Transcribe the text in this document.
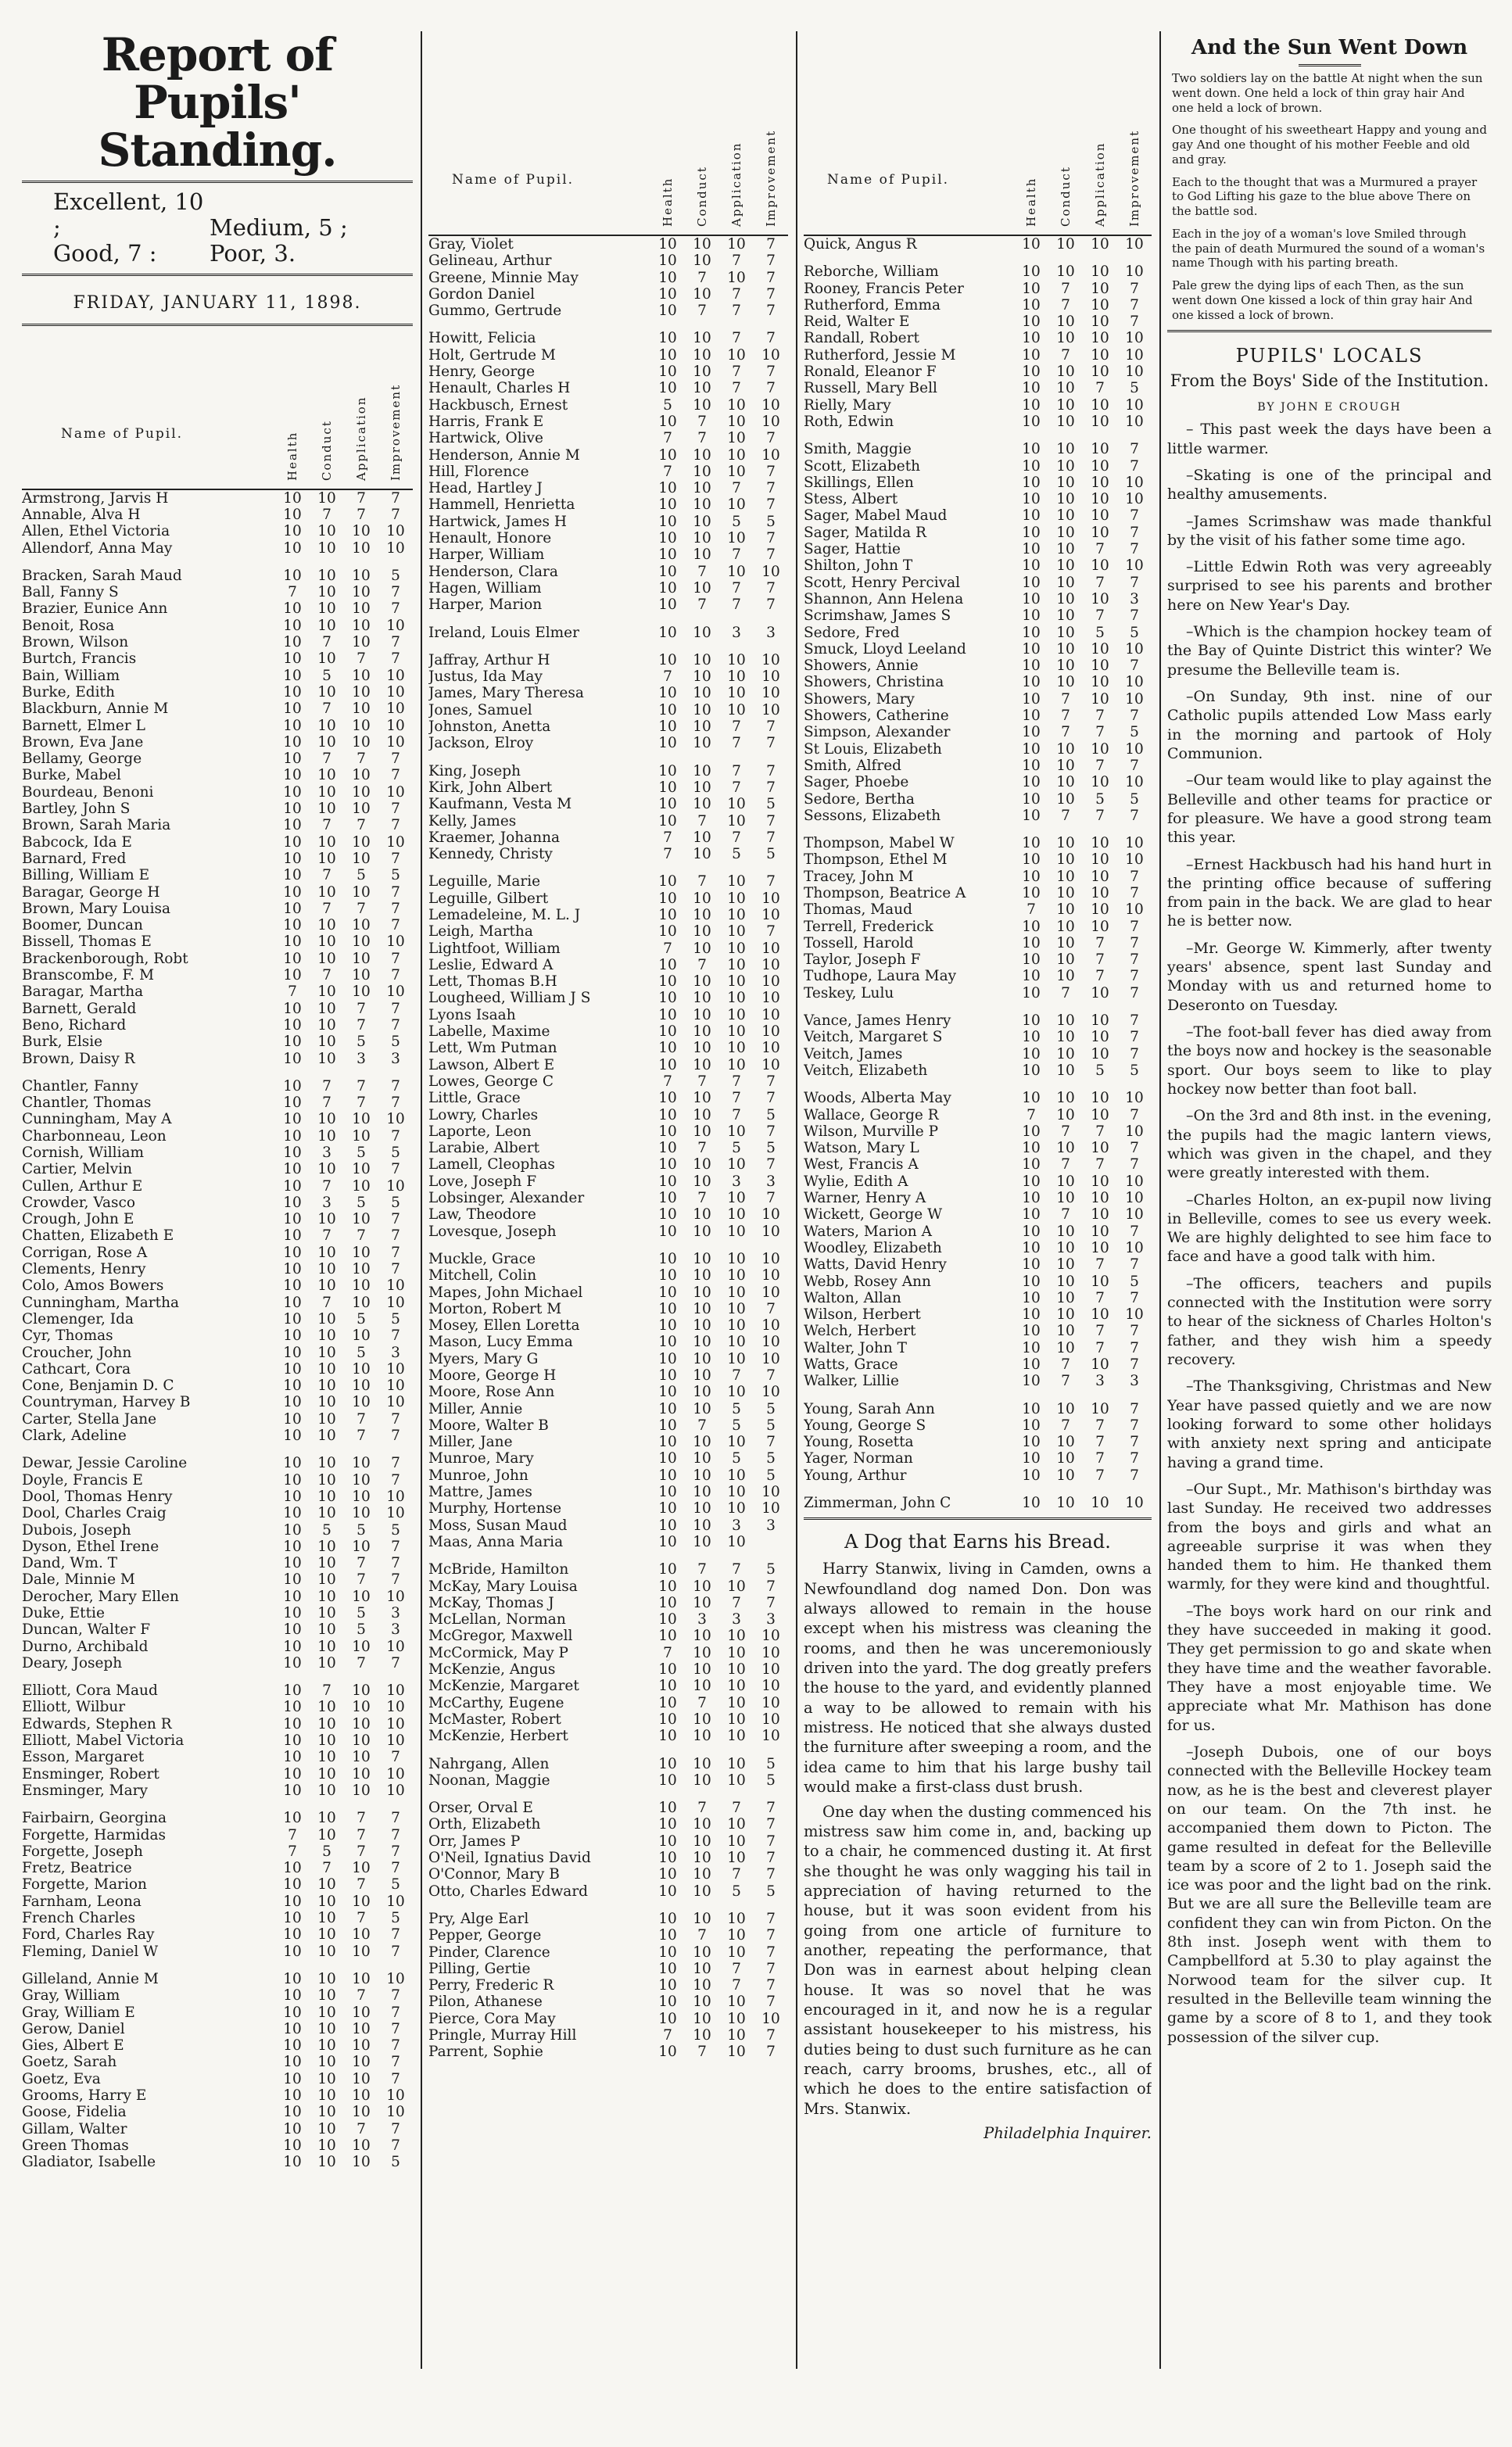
Report of Pupils' Standing.
Excellent, 10 ;	Medium, 5 ;
Good, 7 : Poor, 3.
FRIDAY, JANUARY 11, 1898.
Name of Pupil.	Health Conduct Application Improvement
Armstrong, Jarvis H	10	10	7	7
Annable, Alva H	10	7	7	7
Allen, Ethel Victoria	10	10	10	10
Allendorf, Anna May	10	10	10	10
Bracken, Sarah Maud	10	10	10	5
Ball, Fanny S	7	10	10	7
Brazier, Eunice Ann	10	10	10	7
Benoit, Rosa	10	10	10	10
Brown, Wilson	10	7	10	7
Burtch, Francis	10	10	7	7
Bain, William	10	5	10	10
Burke, Edith	10	10	10	10
Blackburn, Annie M	10	7	10	10
Barnett, Elmer L	10	10	10	10
Brown, Eva Jane	10	10	10	10
Bellamy, George	10	7	7	7
Burke, Mabel	10	10	10	7
Bourdeau, Benoni	10	10	10	10
Bartley, John S	10	10	10	7
Brown, Sarah Maria	10	7	7	7
Babcock, Ida E	10	10	10	10
Barnard, Fred	10	10	10	7
Billing, William E	10	7	5	5
Baragar, George H	10	10	10	7
Brown, Mary Louisa	10	7	7	7
Boomer, Duncan	10	10	10	7
Bissell, Thomas E	10	10	10	10
Brackenborough, Robt	10	10	10	7
Branscombe, F. M	10	7	10	7
Baragar, Martha	7	10	10	10
Barnett, Gerald	10	10	7	7
Beno, Richard	10	10	7	7
Burk, Elsie	10	10	5	5
Brown, Daisy R	10	10	3	3
Chantler, Fanny	10	7	7	7
Chantler, Thomas	10	7	7	7
Cunningham, May A	10	10	10	10
Charbonneau, Leon	10	10	10	7
Cornish, William	10	3	5	5
Cartier, Melvin	10	10	10	7
Cullen, Arthur E	10	7	10	10
Crowder, Vasco	10	3	5	5
Crough, John E	10	10	10	7
Chatten, Elizabeth E	10	7	7	7
Corrigan, Rose A	10	10	10	7
Clements, Henry	10	10	10	7
Colo, Amos Bowers	10	10	10	10
Cunningham, Martha	10	7	10	10
Clemenger, Ida	10	10	5	5
Cyr, Thomas	10	10	10	7
Croucher, John	10	10	5	3
Cathcart, Cora	10	10	10	10
Cone, Benjamin D. C	10	10	10	10
Countryman, Harvey B	10	10	10	10
Carter, Stella Jane	10	10	7	7
Clark, Adeline	10	10	7	7
Dewar, Jessie Caroline	10	10	10	7
Doyle, Francis E	10	10	10	7
Dool, Thomas Henry	10	10	10	10
Dool, Charles Craig	10	10	10	10
Dubois, Joseph	10	5	5	5
Dyson, Ethel Irene	10	10	10	7
Dand, Wm. T	10	10	7	7
Dale, Minnie M	10	10	7	7
Derocher, Mary Ellen	10	10	10	10
Duke, Ettie	10	10	5	3
Duncan, Walter F	10	10	5	3
Durno, Archibald	10	10	10	10
Deary, Joseph	10	10	7	7
Elliott, Cora Maud	10	7	10	10
Elliott, Wilbur	10	10	10	10
Edwards, Stephen R	10	10	10	10
Elliott, Mabel Victoria	10	10	10	10
Esson, Margaret	10	10	10	7
Ensminger, Robert	10	10	10	10
Ensminger, Mary	10	10	10	10
Fairbairn, Georgina	10	10	7	7
Forgette, Harmidas	7	10	7	7
Forgette, Joseph	7	5	7	7
Fretz, Beatrice	10	7	10	7
Forgette, Marion	10	10	7	5
Farnham, Leona	10	10	10	10
French Charles	10	10	7	5
Ford, Charles Ray	10	10	10	7
Fleming, Daniel W	10	10	10	7
Gilleland, Annie M	10	10	10	10
Gray, William	10	10	7	7
Gray, William E	10	10	10	7
Gerow, Daniel	10	10	10	7
Gies, Albert E	10	10	10	7
Goetz, Sarah	10	10	10	7
Goetz, Eva	10	10	10	7
Grooms, Harry E	10	10	10	10
Goose, Fidelia	10	10	10	10
Gillam, Walter	10	10	7	7
Green Thomas	10	10	10	7
Gladiator, Isabelle	10	10	10	5
Name of Pupil.	Health Conduct Application Improvement
Gray, Violet	10	10	10	7
Gelineau, Arthur	10	10	7	7
Greene, Minnie May	10	7	10	7
Gordon Daniel	10	10	7	7
Gummo, Gertrude	10	7	7	7
Howitt, Felicia	10	10	7	7
Holt, Gertrude M	10	10	10	10
Henry, George	10	10	7	7
Henault, Charles H	10	10	7	7
Hackbusch, Ernest	5	10	10	10
Harris, Frank E	10	7	10	10
Hartwick, Olive	7	7	10	7
Henderson, Annie M	10	10	10	10
Hill, Florence	7	10	10	7
Head, Hartley J	10	10	7	7
Hammell, Henrietta	10	10	10	7
Hartwick, James H	10	10	5	5
Henault, Honore	10	10	10	7
Harper, William	10	10	7	7
Henderson, Clara	10	7	10	10
Hagen, William	10	10	7	7
Harper, Marion	10	7	7	7
Ireland, Louis Elmer	10	10	3	3
Jaffray, Arthur H	10	10	10	10
Justus, Ida May	7	10	10	10
James, Mary Theresa	10	10	10	10
Jones, Samuel	10	10	10	10
Johnston, Anetta	10	10	7	7
Jackson, Elroy	10	10	7	7
King, Joseph	10	10	7	7
Kirk, John Albert	10	10	7	7
Kaufmann, Vesta M	10	10	10	5
Kelly, James	10	7	10	7
Kraemer, Johanna	7	10	7	7
Kennedy, Christy	7	10	5	5
Leguille, Marie	10	7	10	7
Leguille, Gilbert	10	10	10	10
Lemadeleine, M. L. J	10	10	10	10
Leigh, Martha	10	10	10	7
Lightfoot, William	7	10	10	10
Leslie, Edward A	10	7	10	10
Lett, Thomas B.H	10	10	10	10
Lougheed, William J S	10	10	10	10
Lyons Isaah	10	10	10	10
Labelle, Maxime	10	10	10	10
Lett, Wm Putman	10	10	10	10
Lawson, Albert E	10	10	10	10
Lowes, George C	7	7	7	7
Little, Grace	10	10	7	7
Lowry, Charles	10	10	7	5
Laporte, Leon	10	10	10	7
Larabie, Albert	10	7	5	5
Lamell, Cleophas	10	10	10	7
Love, Joseph F	10	10	3	3
Lobsinger, Alexander	10	7	10	7
Law, Theodore	10	10	10	10
Lovesque, Joseph	10	10	10	10
Muckle, Grace	10	10	10	10
Mitchell, Colin	10	10	10	10
Mapes, John Michael	10	10	10	10
Morton, Robert M	10	10	10	7
Mosey, Ellen Loretta	10	10	10	10
Mason, Lucy Emma	10	10	10	10
Myers, Mary G	10	10	10	10
Moore, George H	10	10	7	7
Moore, Rose Ann	10	10	10	10
Miller, Annie	10	10	5	5
Moore, Walter B	10	7	5	5
Miller, Jane	10	10	10	7
Munroe, Mary	10	10	5	5
Munroe, John	10	10	10	5
Mattre, James	10	10	10	10
Murphy, Hortense	10	10	10	10
Moss, Susan Maud	10	10	3	3
Maas, Anna Maria	10	10	10
McBride, Hamilton	10	7	7	5
McKay, Mary Louisa	10	10	10	7
McKay, Thomas J	10	10	7	7
McLellan, Norman	10	3	3	3
McGregor, Maxwell	10	10	10	10
McCormick, May P	7	10	10	10
McKenzie, Angus	10	10	10	10
McKenzie, Margaret	10	10	10	10
McCarthy, Eugene	10	7	10	10
McMaster, Robert	10	10	10	10
McKenzie, Herbert	10	10	10	10
Nahrgang, Allen	10	10	10	5
Noonan, Maggie	10	10	10	5
Orser, Orval E	10	7	7	7
Orth, Elizabeth	10	10	10	7
Orr, James P	10	10	10	7
O'Neil, Ignatius David	10	10	10	7
O'Connor, Mary B	10	10	7	7
Otto, Charles Edward	10	10	5	5
Pry, Alge Earl	10	10	10	7
Pepper, George	10	7	10	7
Pinder, Clarence	10	10	10	7
Pilling, Gertie	10	10	7	7
Perry, Frederic R	10	10	7	7
Pilon, Athanese	10	10	10	7
Pierce, Cora May	10	10	10	10
Pringle, Murray Hill	7	10	10	7
Parrent, Sophie	10	7	10	7
Name of Pupil.	Health Conduct Application Improvement
Quick, Angus R	10	10	10	10
Reborche, William	10	10	10	10
Rooney, Francis Peter	10	7	10	7
Rutherford, Emma	10	7	10	7
Reid, Walter E	10	10	10	7
Randall, Robert	10	10	10	10
Rutherford, Jessie M	10	7	10	10
Ronald, Eleanor F	10	10	10	10
Russell, Mary Bell	10	10	7	5
Rielly, Mary	10	10	10	10
Roth, Edwin	10	10	10	10
Smith, Maggie	10	10	10	7
Scott, Elizabeth	10	10	10	7
Skillings, Ellen	10	10	10	10
Stess, Albert	10	10	10	10
Sager, Mabel Maud	10	10	10	7
Sager, Matilda R	10	10	10	7
Sager, Hattie	10	10	7	7
Shilton, John T	10	10	10	10
Scott, Henry Percival	10	10	7	7
Shannon, Ann Helena	10	10	10	3
Scrimshaw, James S	10	10	7	7
Sedore, Fred	10	10	5	5
Smuck, Lloyd Leeland	10	10	10	10
Showers, Annie	10	10	10	7
Showers, Christina	10	10	10	10
Showers, Mary	10	7	10	10
Showers, Catherine	10	7	7	7
Simpson, Alexander	10	7	7	5
St Louis, Elizabeth	10	10	10	10
Smith, Alfred	10	10	7	7
Sager, Phoebe	10	10	10	10
Sedore, Bertha	10	10	5	5
Sessons, Elizabeth	10	7	7	7
Thompson, Mabel W	10	10	10	10
Thompson, Ethel M	10	10	10	10
Tracey, John M	10	10	10	7
Thompson, Beatrice A	10	10	10	7
Thomas, Maud	7	10	10	10
Terrell, Frederick	10	10	10	7
Tossell, Harold	10	10	7	7
Taylor, Joseph F	10	10	7	7
Tudhope, Laura May	10	10	7	7
Teskey, Lulu	10	7	10	7
Vance, James Henry	10	10	10	7
Veitch, Margaret S	10	10	10	7
Veitch, James	10	10	10	7
Veitch, Elizabeth	10	10	5	5
Woods, Alberta May	10	10	10	10
Wallace, George R	7	10	10	7
Wilson, Murville P	10	7	7	10
Watson, Mary L	10	10	10	7
West, Francis A	10	7	7	7
Wylie, Edith A	10	10	10	10
Warner, Henry A	10	10	10	10
Wickett, George W	10	7	10	10
Waters, Marion A	10	10	10	7
Woodley, Elizabeth	10	10	10	10
Watts, David Henry	10	10	7	7
Webb, Rosey Ann	10	10	10	5
Walton, Allan	10	10	7	7
Wilson, Herbert	10	10	10	10
Welch, Herbert	10	10	7	7
Walter, John T	10	10	7	7
Watts, Grace	10	7	10	7
Walker, Lillie	10	7	3	3
Young, Sarah Ann	10	10	10	7
Young, George S	10	7	7	7
Young, Rosetta	10	10	7	7
Yager, Norman	10	10	7	7
Young, Arthur	10	10	7	7
Zimmerman, John C	10	10	10	10
A Dog that Earns his Bread.

Harry Stanwix, living in Camden, owns a Newfoundland dog named Don. Don was always allowed to remain in the house except when his mistress was cleaning the rooms, and then he was unceremoniously driven into the yard. The dog greatly prefers the house to the yard, and evidently planned a way to be allowed to remain with his mistress. He noticed that she always dusted the furniture after sweeping a room, and the idea came to him that his large bushy tail would make a first-class dust brush.

One day when the dusting commenced his mistress saw him come in, and, backing up to a chair, he commenced dusting it. At first she thought he was only wagging his tail in appreciation of having returned to the house, but it was soon evident from his going from one article of furniture to another, repeating the performance, that Don was in earnest about helping clean house. It was so novel that he was encouraged in it, and now he is a regular assistant housekeeper to his mistress, his duties being to dust such furniture as he can reach, carry brooms, brushes, etc., all of which he does to the entire satisfaction of Mrs. Stanwix.

Philadelphia Inquirer.

And the Sun Went Down

Two soldiers lay on the battle At night when the sun went down. One held a lock of thin gray hair And one held a lock of brown.

One thought of his sweetheart Happy and young and gay And one thought of his mother Feeble and old and gray.

Each to the thought that was a Murmured a prayer to God Lifting his gaze to the blue above There on the battle sod.

Each in the joy of a woman's love Smiled through the pain of death Murmured the sound of a woman's name Though with his parting breath.

Pale grew the dying lips of each Then, as the sun went down One kissed a lock of thin gray hair And one kissed a lock of brown.

PUPILS' LOCALS
From the Boys' Side of the Institution.
BY JOHN E CROUGH

– This past week the days have been a little warmer.

–Skating is one of the principal and healthy amusements.

–James Scrimshaw was made thankful by the visit of his father some time ago.

–Little Edwin Roth was very agreeably surprised to see his parents and brother here on New Year's Day.

–Which is the champion hockey team of the Bay of Quinte District this winter? We presume the Belleville team is.

–On Sunday, 9th inst. nine of our Catholic pupils attended Low Mass early in the morning and partook of Holy Communion.

–Our team would like to play against the Belleville and other teams for practice or for pleasure. We have a good strong team this year.

–Ernest Hackbusch had his hand hurt in the printing office because of suffering from pain in the back. We are glad to hear he is better now.

–Mr. George W. Kimmerly, after twenty years' absence, spent last Sunday and Monday with us and returned home to Deseronto on Tuesday.

–The foot-ball fever has died away from the boys now and hockey is the seasonable sport. Our boys seem to like to play hockey now better than foot ball.

–On the 3rd and 8th inst. in the evening, the pupils had the magic lantern views, which was given in the chapel, and they were greatly interested with them.

–Charles Holton, an ex-pupil now living in Belleville, comes to see us every week. We are highly delighted to see him face to face and have a good talk with him.

–The officers, teachers and pupils connected with the Institution were sorry to hear of the sickness of Charles Holton's father, and they wish him a speedy recovery.

–The Thanksgiving, Christmas and New Year have passed quietly and we are now looking forward to some other holidays with anxiety next spring and anticipate having a grand time.

–Our Supt., Mr. Mathison's birthday was last Sunday. He received two addresses from the boys and girls and what an agreeable surprise it was when they handed them to him. He thanked them warmly, for they were kind and thoughtful.

–The boys work hard on our rink and they have succeeded in making it good. They get permission to go and skate when they have time and the weather favorable. They have a most enjoyable time. We appreciate what Mr. Mathison has done for us.

–Joseph Dubois, one of our boys connected with the Belleville Hockey team now, as he is the best and cleverest player on our team. On the 7th inst. he accompanied them down to Picton. The game resulted in defeat for the Belleville team by a score of 2 to 1. Joseph said the ice was poor and the light bad on the rink. But we are all sure the Belleville team are confident they can win from Picton. On the 8th inst. Joseph went with them to Campbellford at 5.30 to play against the Norwood team for the silver cup. It resulted in the Belleville team winning the game by a score of 8 to 1, and they took possession of the silver cup.
